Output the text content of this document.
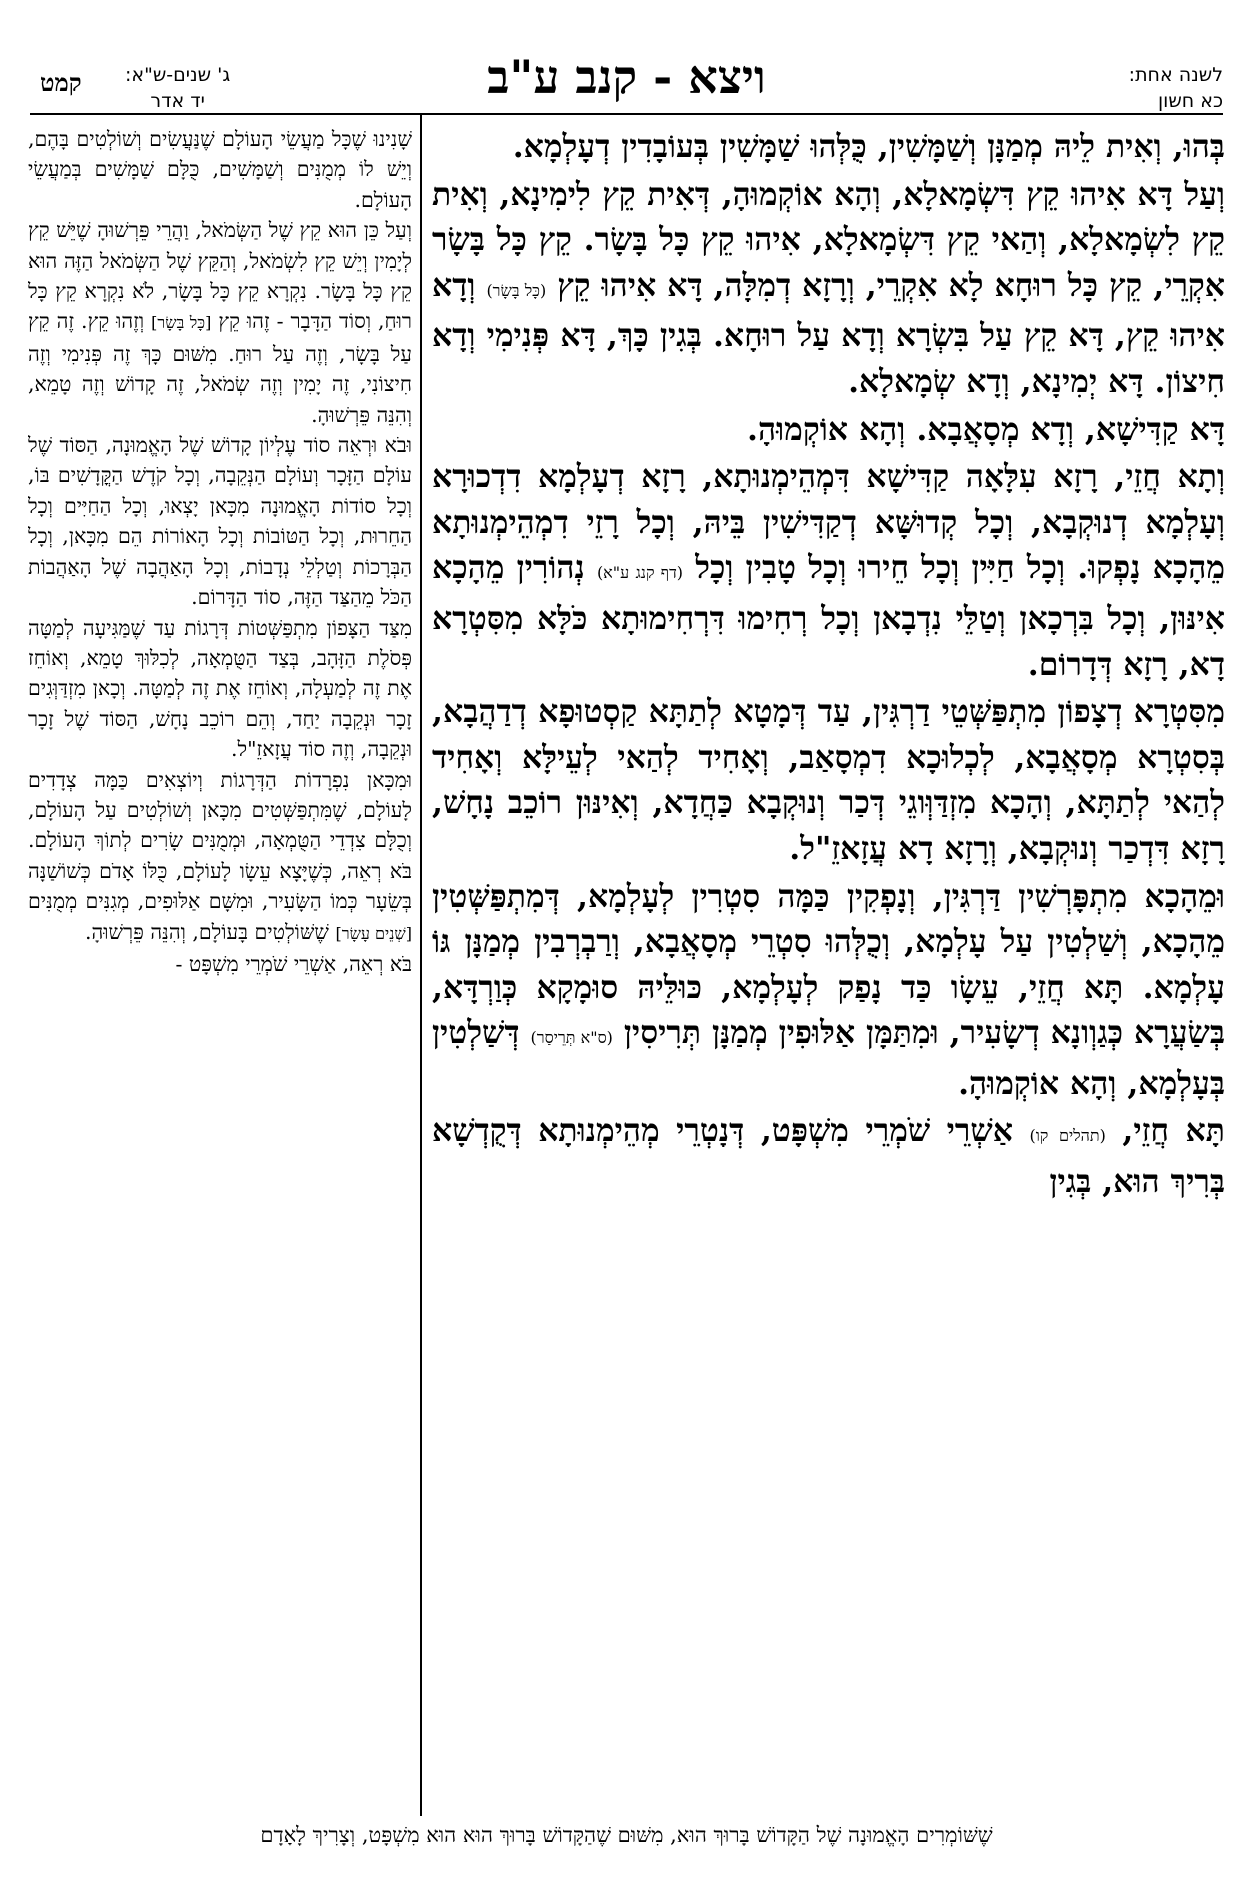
לשנה אחת:
כא חשון
ויצא - קנב ע"ב
ג' שנים-ש"א:
יד אדר
קמט

בְּהוּ, וְאִית לֵיהּ מְמַנָּן וְשַׁמָּשִׁין, כֻּלְּהוּ שַׁמָּשִׁין בְּעוֹבָדִין דְעָלְמָא.

וְעַל דָּא אִיהוּ קֵץ דִּשְׂמָאלָא, וְהָא אוֹקְמוּהָ, דְּאִית קֵץ לִימִינָא, וְאִית קֵץ לִשְׂמָאלָא, וְהַאי קֵץ דִּשְׂמָאלָא, אִיהוּ קֵץ כָּל בָּשָׂר. קֵץ כָּל בָּשָׂר אִקְרֵי, קֵץ כָּל רוּחָא לָא אִקְרֵי, וְרָזָא דְמִלָּה, דָּא אִיהוּ קֵץ (כָּל בָּשָׂר) וְדָא אִיהוּ קֵץ, דָּא קֵץ עַל בִּשְׂרָא וְדָא עַל רוּחָא. בְּגִין כָּךְ, דָּא פְּנִימִי וְדָא חִיצוֹן. דָּא יְמִינָא, וְדָא שְׂמָאלָא.

דָּא קַדִּישָׁא, וְדָא מְסָאֲבָא. וְהָא אוֹקְמוּהָ.

וְתָא חֲזֵי, רָזָא עִלָּאָה קַדִּישָׁא דִּמְהֵימְנוּתָא, רָזָא דְעָלְמָא דִדְכוּרָא וְעָלְמָא דְנוּקְבָא, וְכָל קְדוּשָּׁא דְקַדִּישִׁין בֵּיהּ, וְכָל רָזֵי דִמְהֵימְנוּתָא מֵהָכָא נָפְקוּ. וְכָל חַיִּין וְכָל חֵירוּ וְכָל טָבִין וְכָל (דף קנג ע"א) נְהוֹרִין מֵהָכָא אִינּוּן, וְכָל בִּרְכָאן וְטַלֵּי נִדְבָאן וְכָל רְחִימוּ דִּרְחִימוּתָא כֹּלָּא מִסִּטְרָא דָא, רָזָא דְּדָרוֹם.

מִסִּטְרָא דְצָפוֹן מִתְפַּשְּׁטֵי דַרְגִּין, עַד דְּמָטָא לְתַתָּא קַסְטוּפָא דְדַהֲבָא, בְּסִטְרָא מְסָאֲבָא, לְכְלוּכָא דִמְסָאַב, וְאָחִיד לְהַאי לְעֵילָּא וְאָחִיד לְהַאי לְתַתָּא, וְהָכָא מִזְדַּוְּוגֵי דְּכַר וְנוּקְבָא כַּחֲדָא, וְאִינּוּן רוֹכֵב נָחָשׁ, רָזָא דִּדְכַר וְנוּקְבָא, וְרָזָא דָא עֲזָאזֵ"ל.

וּמֵהָכָא מִתְפָּרְשִׁין דַּרְגִּין, וְנָפְקִין כַּמָּה סִטְרִין לְעָלְמָא, דְּמִתְפַּשְּׁטִין מֵהָכָא, וְשַׁלְטִין עַל עָלְמָא, וְכֻלְּהוּ סִטְרֵי מְסָאֲבָא, וְרַבְרְבִין מְמַנָּן גּוֹ עָלְמָא. תָּא חֲזֵי, עֵשָׂו כַּד נָפַק לְעָלְמָא, כּוּלֵּיהּ סוּמָקָא כְּוַרְדָּא, בְּשַׂעֲרָא כְּגַוְונָא דְשָׂעִיר, וּמִתַּמָּן אַלּוּפִין מְמַנָּן תְּרִיסִין (ס"א תְּרֵיסַר) דְּשַׁלְטִין בְּעָלְמָא, וְהָא אוֹקְמוּהָ.

תָּא חֲזֵי, (תהלים קו) אַשְׁרֵי שֹׁמְרֵי מִשְׁפָּט, דְּנָטְרֵי מְהֵימְנוּתָא דְּקֻדְשָׁא בְּרִיךְ הוּא, בְּגִין

שָׁנִינוּ שֶׁכָּל מַעֲשֵׂי הָעוֹלָם שֶׁנַּעֲשִׂים וְשׁוֹלְטִים בָּהֶם, וְיֵשׁ לוֹ מְמֻנִּים וְשַׁמָּשִׁים, כֻּלָּם שַׁמָּשִׁים בְּמַעֲשֵׂי הָעוֹלָם.

וְעַל כֵּן הוּא קֵץ שֶׁל הַשְּׂמֹאל, וַהֲרֵי פֵּרְשׁוּהָ שֶׁיֵּשׁ קֵץ לְיָמִין וְיֵשׁ קֵץ לִשְׂמֹאל, וְהַקֵּץ שֶׁל הַשְּׂמֹאל הַזֶּה הוּא קֵץ כָּל בָּשָׂר. נִקְרָא קֵץ כָּל בָּשָׂר, לֹא נִקְרָא קֵץ כָּל רוּחַ, וְסוֹד הַדָּבָר - זֶהוּ קֵץ [כָּל בָּשָׂר] וְזֶהוּ קֵץ. זֶה קֵץ עַל בָּשָׂר, וְזֶה עַל רוּחַ. מִשּׁוּם כָּךְ זֶה פְּנִימִי וְזֶה חִיצוֹנִי, זֶה יָמִין וְזֶה שְׂמֹאל, זֶה קָדוֹשׁ וְזֶה טָמֵא, וְהִנֵּה פֵּרְשׁוּהָ.

וּבֹא וּרְאֵה סוֹד עֶלְיוֹן קָדוֹשׁ שֶׁל הָאֱמוּנָה, הַסּוֹד שֶׁל עוֹלָם הַזָּכָר וְעוֹלָם הַנְּקֵבָה, וְכָל קֹדֶשׁ הַקֳּדָשִׁים בּוֹ, וְכָל סוֹדוֹת הָאֱמוּנָה מִכָּאן יָצְאוּ, וְכָל הַחַיִּים וְכָל הַחֵרוּת, וְכָל הַטּוֹבוֹת וְכָל הָאוֹרוֹת הֵם מִכָּאן, וְכָל הַבְּרָכוֹת וְטַלְלֵי נְדָבוֹת, וְכָל הָאַהֲבָה שֶׁל הָאַהֲבוֹת הַכֹּל מֵהַצַּד הַזֶּה, סוֹד הַדָּרוֹם.

מִצַּד הַצָּפוֹן מִתְפַּשְּׁטוֹת דְּרָגוֹת עַד שֶׁמַּגִּיעָה לְמַטָּה פְּסֹלֶת הַזָּהָב, בְּצַד הַטֻּמְאָה, לְכִלּוּךְ טָמֵא, וְאוֹחֵז אֶת זֶה לְמַעְלָה, וְאוֹחֵז אֶת זֶה לְמַטָּה. וְכָאן מִזְדַּוְּגִים זָכָר וּנְקֵבָה יַחַד, וְהֵם רוֹכֵב נָחָשׁ, הַסּוֹד שֶׁל זָכָר וּנְקֵבָה, וְזֶה סוֹד עֲזָאזֵ"ל.

וּמִכָּאן נִפְרָדוֹת הַדְּרָגוֹת וְיוֹצְאִים כַּמָּה צְדָדִים לָעוֹלָם, שֶׁמִּתְפַּשְּׁטִים מִכָּאן וְשׁוֹלְטִים עַל הָעוֹלָם, וְכֻלָּם צִדְדֵי הַטֻּמְאָה, וּמְמֻנִּים שָׂרִים לְתוֹךְ הָעוֹלָם. בֹּא רְאֵה, כְּשֶׁיָּצָא עֵשָׂו לָעוֹלָם, כֻּלּוֹ אָדֹם כְּשׁוֹשַׁנָּה בְּשֵׂעָר כְּמוֹ הַשָּׂעִיר, וּמִשָּׁם אַלּוּפִים, מְגִנִּים מְמֻנִּים [שְׁנֵים עָשָׂר] שֶׁשּׁוֹלְטִים בָּעוֹלָם, וְהִנֵּה פֵּרְשׁוּהָ.

בֹּא רְאֵה, אַשְׁרֵי שֹׁמְרֵי מִשְׁפָּט -

שֶׁשּׁוֹמְרִים הָאֱמוּנָה שֶׁל הַקָּדוֹשׁ בָּרוּךְ הוּא, מִשּׁוּם שֶׁהַקָּדוֹשׁ בָּרוּךְ הוּא הוּא מִשְׁפָּט, וְצָרִיךְ לָאָדָם
